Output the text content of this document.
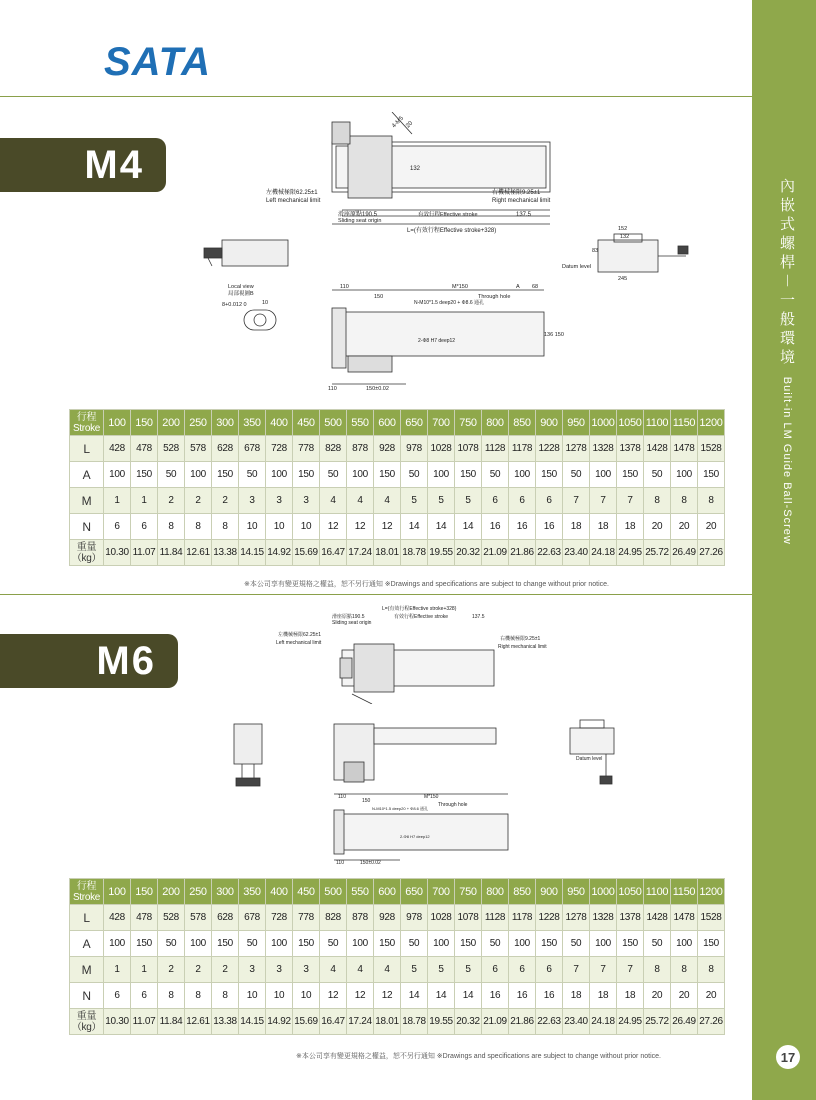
SATA
內嵌式螺桿－一般環境 Built-in LM Guide Ball-Screw
17
M4
左機械極限62.25±1
Left mechanical limit
右機械極限9.25±1
Right mechanical limit
滑座原點190.5
Sliding seat origin
有效行程Effective stroke	137.5
L=(有效行程Effective stroke+328)
132
4-M5 20
Local view
局部視圖B
8+0.012 0	10
152
132
83
Datum level
245
110
150
M*150	A 68
Through hole
N-M10*1.5 deep20 + Φ8.6 通孔
2-Φ8 H7 deep12
136 150
110	150±0.02
行程
Stroke	100	150	200	250	300	350	400	450	500	550	600	650	700	750	800	850	900	950	1000	1050	1100	1150	1200
L	428	478	528	578	628	678	728	778	828	878	928	978	1028	1078	1128	1178	1228	1278	1328	1378	1428	1478	1528
A	100	150	50	100	150	50	100	150	50	100	150	50	100	150	50	100	150	50	100	150	50	100	150
M	1	1	2	2	2	3	3	3	4	4	4	5	5	5	6	6	6	7	7	7	8	8	8
N	6	6	8	8	8	10	10	10	12	12	12	14	14	14	16	16	16	18	18	18	20	20	20
重量
（kg）	10.30	11.07	11.84	12.61	13.38	14.15	14.92	15.69	16.47	17.24	18.01	18.78	19.55	20.32	21.09	21.86	22.63	23.40	24.18	24.95	25.72	26.49	27.26
※本公司享有變更規格之權益，恕不另行通知 ※Drawings and specifications are subject to change without prior notice.
M6
L=(有效行程Effective stroke+328)
滑座原點190.5
Sliding seat origin
有效行程Effective stroke	137.5
左機械極限62.25±1
Left mechanical limit
右機械極限9.25±1
Right mechanical limit
Datum level
110
150
M*150
Through hole
N-M10*1.5 deep20 + Φ8.6 通孔
2-Φ8 H7 deep12
110	150±0.02
行程
Stroke	100	150	200	250	300	350	400	450	500	550	600	650	700	750	800	850	900	950	1000	1050	1100	1150	1200
L	428	478	528	578	628	678	728	778	828	878	928	978	1028	1078	1128	1178	1228	1278	1328	1378	1428	1478	1528
A	100	150	50	100	150	50	100	150	50	100	150	50	100	150	50	100	150	50	100	150	50	100	150
M	1	1	2	2	2	3	3	3	4	4	4	5	5	5	6	6	6	7	7	7	8	8	8
N	6	6	8	8	8	10	10	10	12	12	12	14	14	14	16	16	16	18	18	18	20	20	20
重量
（kg）	10.30	11.07	11.84	12.61	13.38	14.15	14.92	15.69	16.47	17.24	18.01	18.78	19.55	20.32	21.09	21.86	22.63	23.40	24.18	24.95	25.72	26.49	27.26
※本公司享有變更規格之權益，恕不另行通知 ※Drawings and specifications are subject to change without prior notice.
